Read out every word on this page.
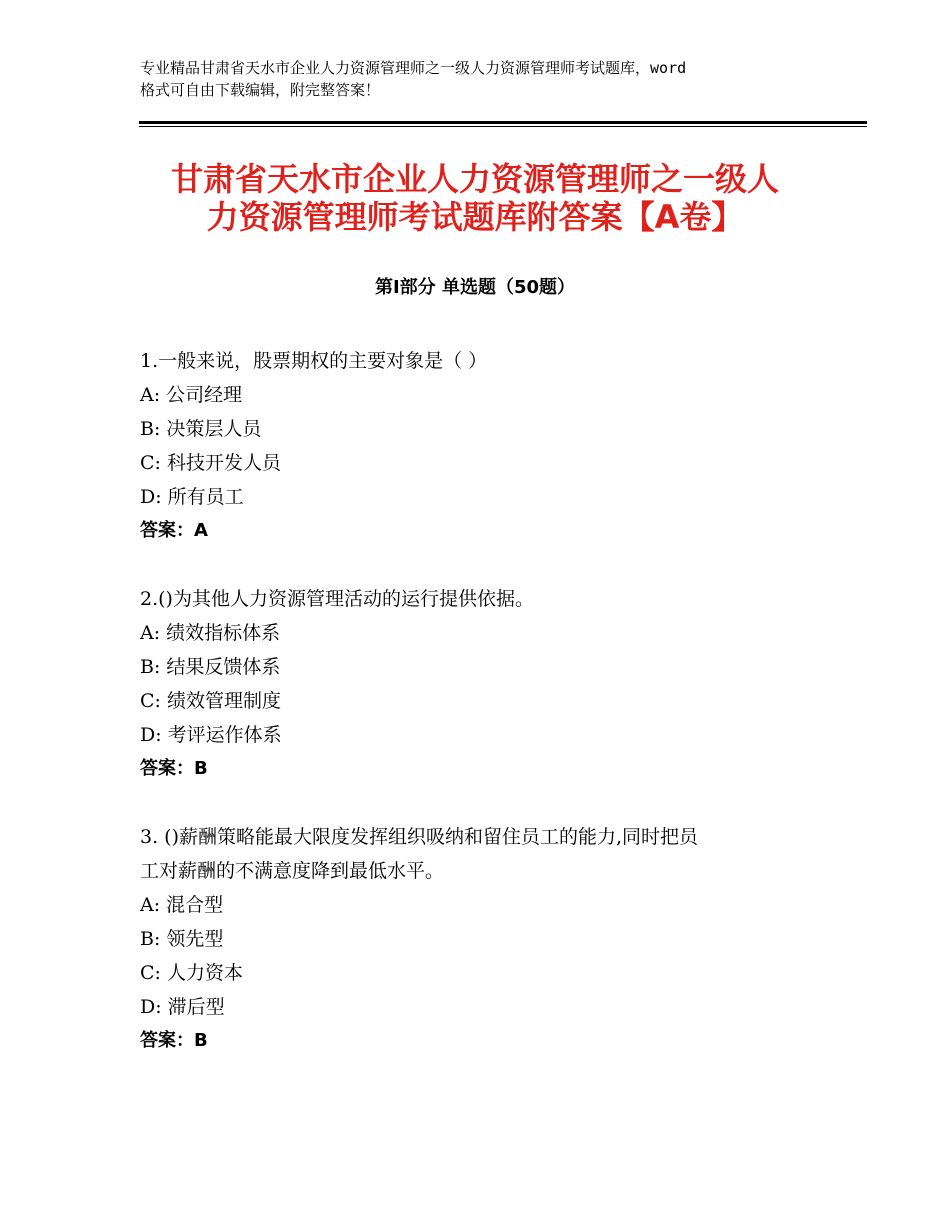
专业精品甘肃省天水市企业人力资源管理师之一级人力资源管理师考试题库，word
格式可自由下载编辑，附完整答案！
甘肃省天水市企业人力资源管理师之一级人
力资源管理师考试题库附答案【A卷】
第Ⅰ部分 单选题（50题）
1.一般来说，股票期权的主要对象是（ ）
A: 公司经理
B: 决策层人员
C: 科技开发人员
D: 所有员工
答案：A
2.()为其他人力资源管理活动的运行提供依据。
A: 绩效指标体系
B: 结果反馈体系
C: 绩效管理制度
D: 考评运作体系
答案：B
3. ()薪酬策略能最大限度发挥组织吸纳和留住员工的能力,同时把员
工对薪酬的不满意度降到最低水平。
A: 混合型
B: 领先型
C: 人力资本
D: 滞后型
答案：B
